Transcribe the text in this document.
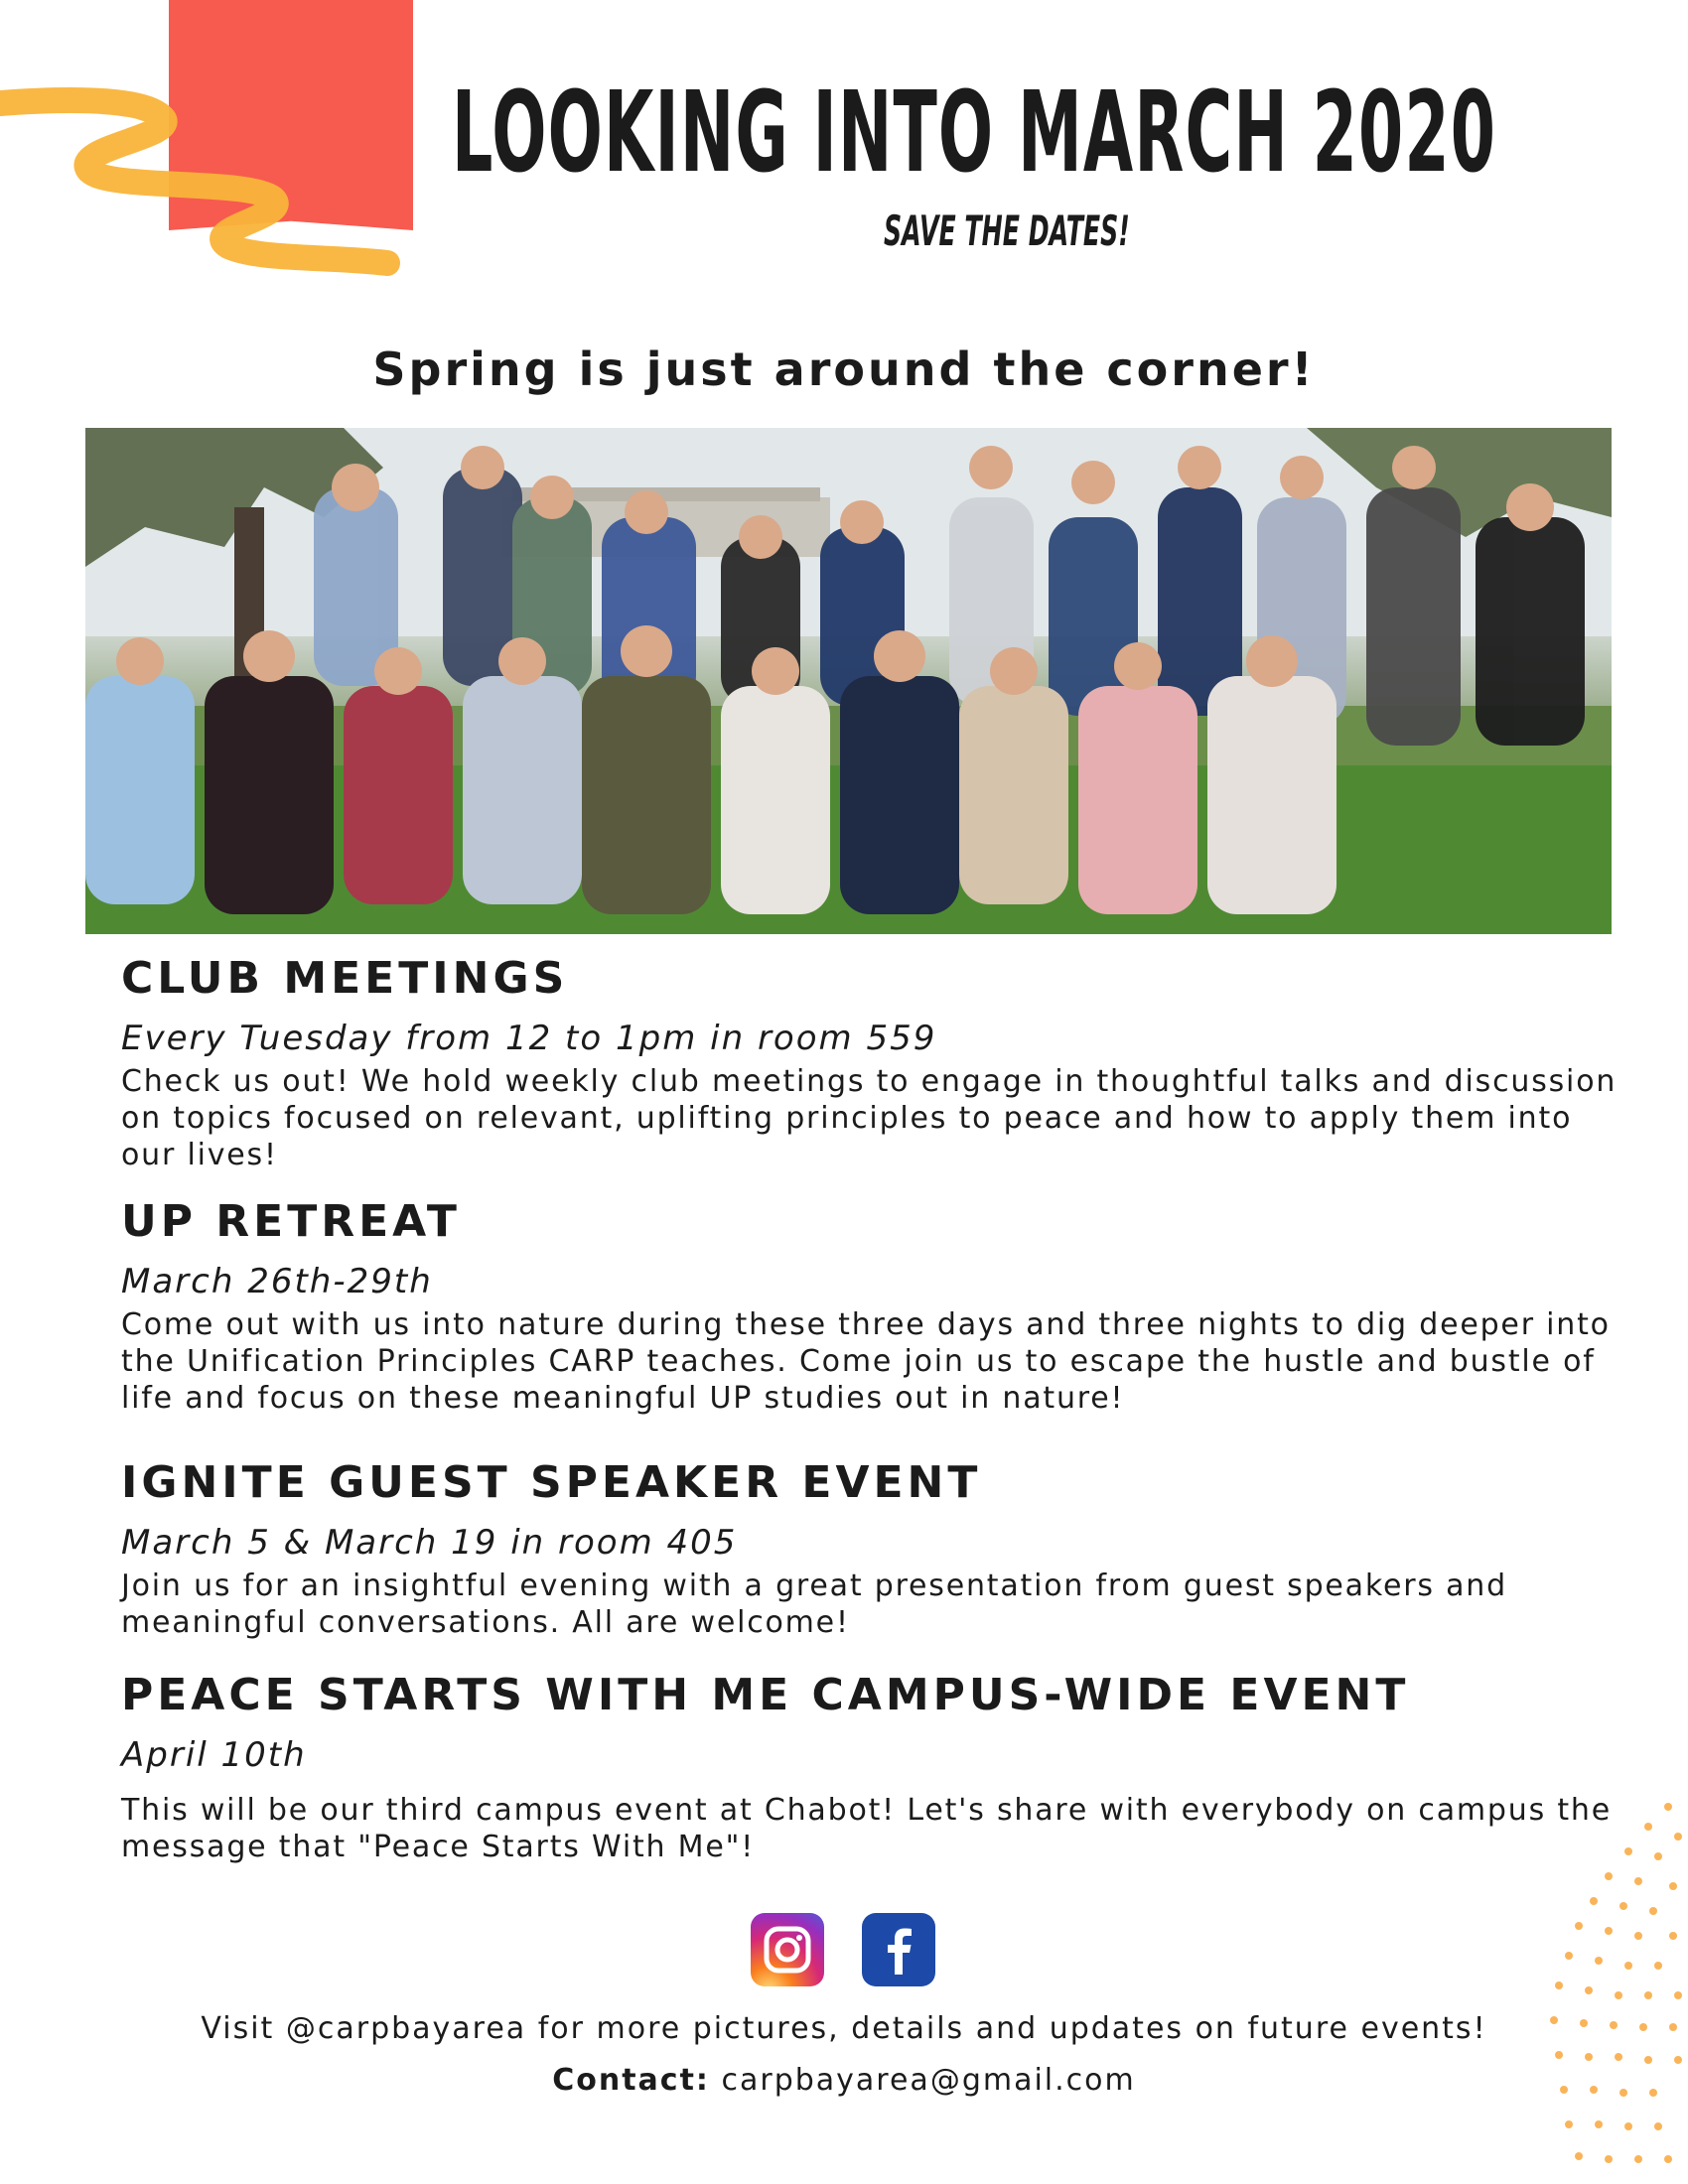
LOOKING INTO MARCH 2020
SAVE THE DATES!
Spring is just around the corner!
CLUB MEETINGS
Every Tuesday from 12 to 1pm in room 559
Check us out! We hold weekly club meetings to engage in thoughtful talks and discussion on topics focused on relevant, uplifting principles to peace and how to apply them into our lives!
UP RETREAT
March 26th-29th
Come out with us into nature during these three days and three nights to dig deeper into the Unification Principles CARP teaches. Come join us to escape the hustle and bustle of life and focus on these meaningful UP studies out in nature!
IGNITE GUEST SPEAKER EVENT
March 5 & March 19 in room 405
Join us for an insightful evening with a great presentation from guest speakers and meaningful conversations. All are welcome!
PEACE STARTS WITH ME CAMPUS-WIDE EVENT
April 10th
This will be our third campus event at Chabot! Let's share with everybody on campus the message that "Peace Starts With Me"!
Visit @carpbayarea for more pictures, details and updates on future events!
Contact: carpbayarea@gmail.com
